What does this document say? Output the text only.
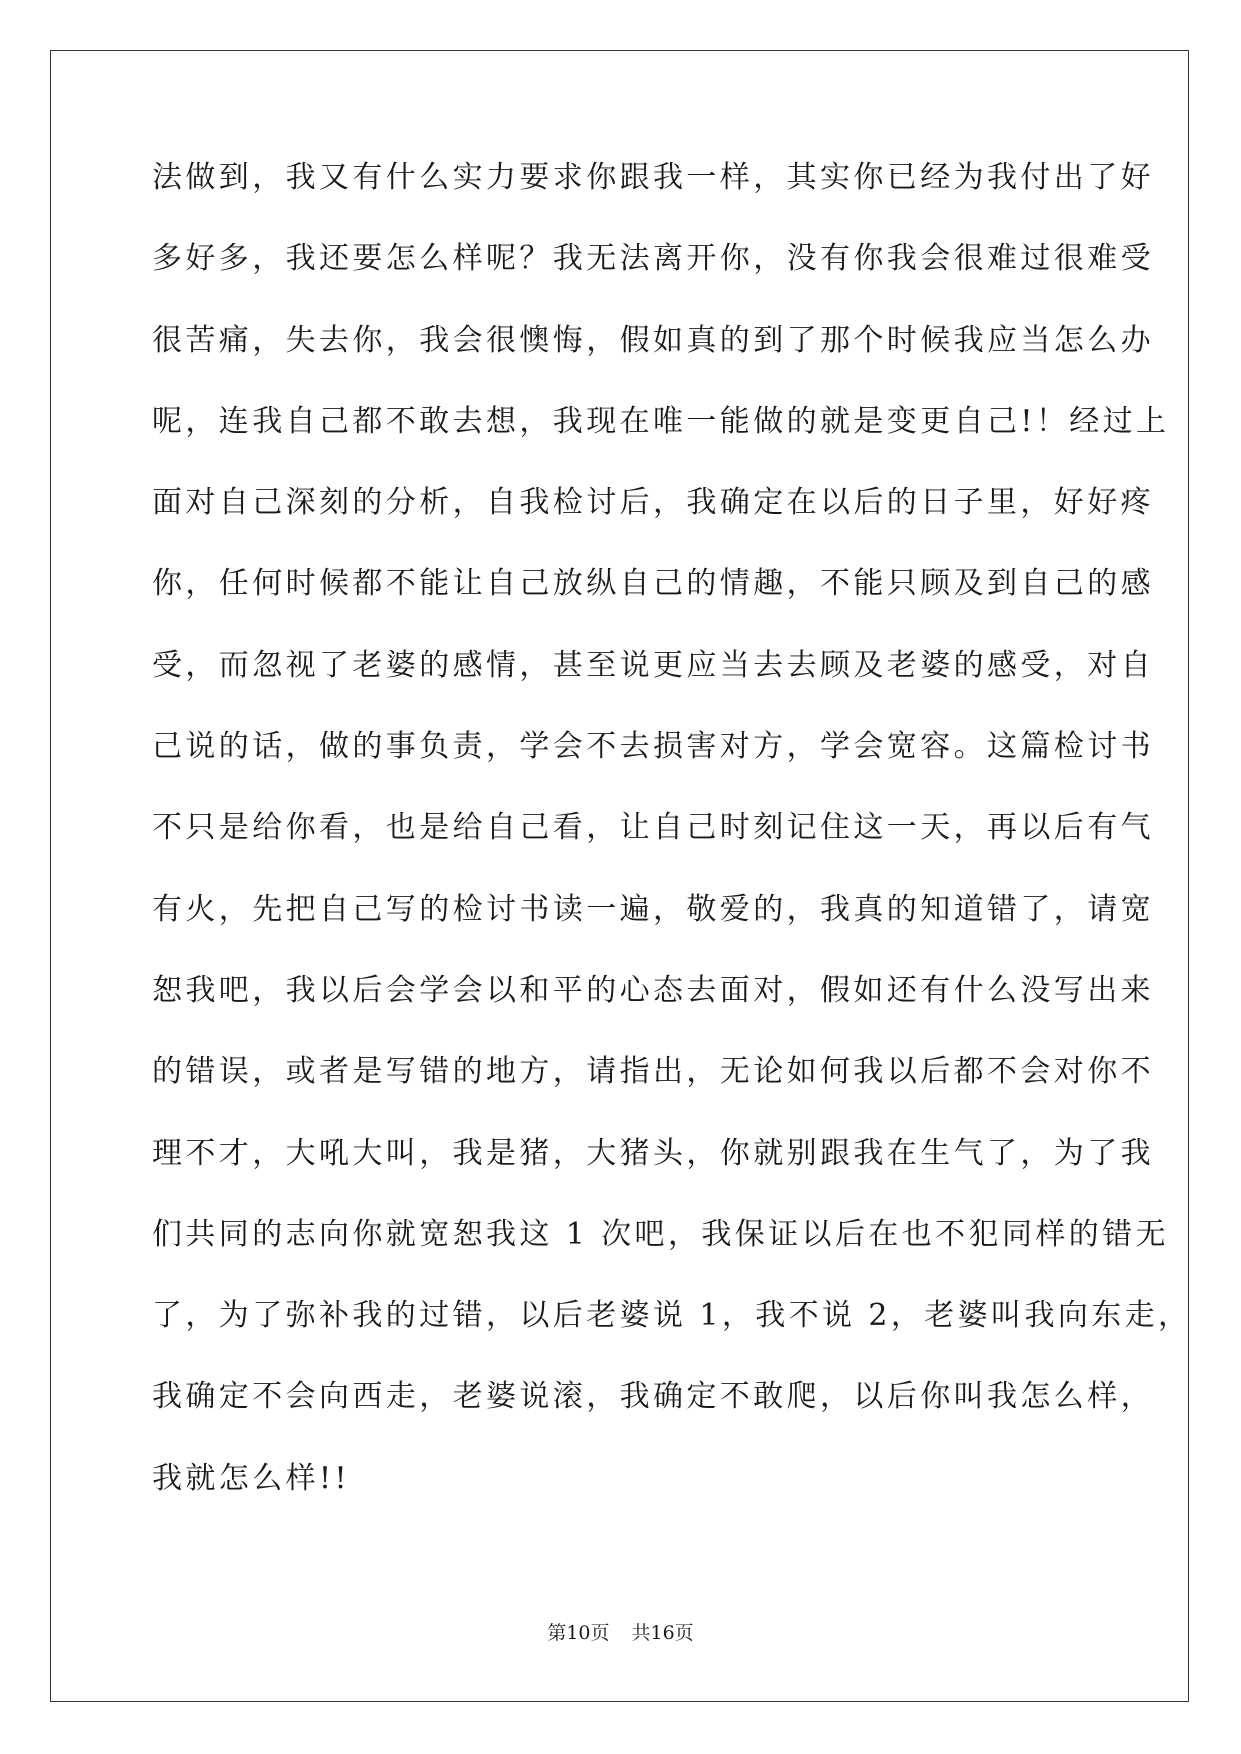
法做到，我又有什么实力要求你跟我一样，其实你已经为我付出了好
多好多，我还要怎么样呢？我无法离开你，没有你我会很难过很难受
很苦痛，失去你，我会很懊悔，假如真的到了那个时候我应当怎么办
呢，连我自己都不敢去想，我现在唯一能做的就是变更自己!！经过上
面对自己深刻的分析，自我检讨后，我确定在以后的日子里，好好疼
你，任何时候都不能让自己放纵自己的情趣，不能只顾及到自己的感
受，而忽视了老婆的感情，甚至说更应当去去顾及老婆的感受，对自
己说的话，做的事负责，学会不去损害对方，学会宽容。这篇检讨书
不只是给你看，也是给自己看，让自己时刻记住这一天，再以后有气
有火，先把自己写的检讨书读一遍，敬爱的，我真的知道错了，请宽
恕我吧，我以后会学会以和平的心态去面对，假如还有什么没写出来
的错误，或者是写错的地方，请指出，无论如何我以后都不会对你不
理不才，大吼大叫，我是猪，大猪头，你就别跟我在生气了，为了我
们共同的志向你就宽恕我这 1 次吧，我保证以后在也不犯同样的错无
了，为了弥补我的过错，以后老婆说 1，我不说 2，老婆叫我向东走，
我确定不会向西走，老婆说滚，我确定不敢爬，以后你叫我怎么样，
我就怎么样!!
第10页 共16页
